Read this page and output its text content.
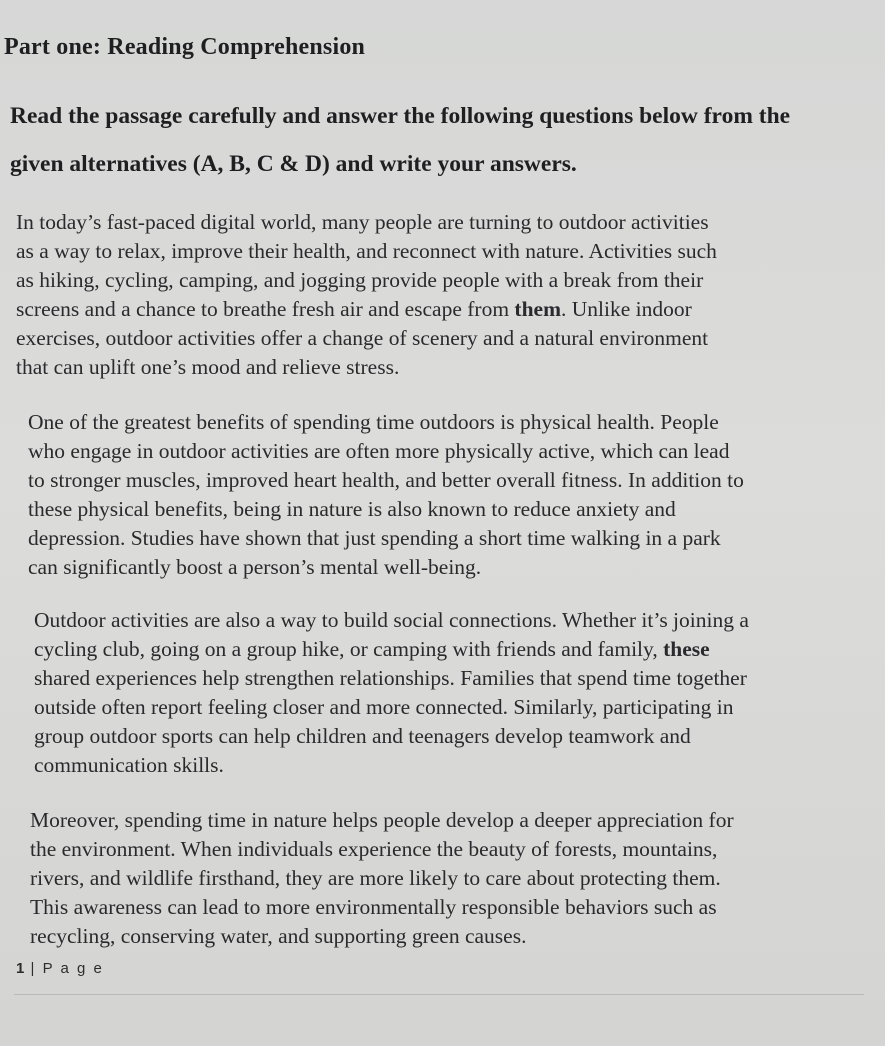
Part one: Reading Comprehension
Read the passage carefully and answer the following questions below from the
given alternatives (A, B, C & D) and write your answers.
In today’s fast-paced digital world, many people are turning to outdoor activities
as a way to relax, improve their health, and reconnect with nature. Activities such
as hiking, cycling, camping, and jogging provide people with a break from their
screens and a chance to breathe fresh air and escape from them. Unlike indoor
exercises, outdoor activities offer a change of scenery and a natural environment
that can uplift one’s mood and relieve stress.
One of the greatest benefits of spending time outdoors is physical health. People
who engage in outdoor activities are often more physically active, which can lead
to stronger muscles, improved heart health, and better overall fitness. In addition to
these physical benefits, being in nature is also known to reduce anxiety and
depression. Studies have shown that just spending a short time walking in a park
can significantly boost a person’s mental well-being.
Outdoor activities are also a way to build social connections. Whether it’s joining a
cycling club, going on a group hike, or camping with friends and family, these
shared experiences help strengthen relationships. Families that spend time together
outside often report feeling closer and more connected. Similarly, participating in
group outdoor sports can help children and teenagers develop teamwork and
communication skills.
Moreover, spending time in nature helps people develop a deeper appreciation for
the environment. When individuals experience the beauty of forests, mountains,
rivers, and wildlife firsthand, they are more likely to care about protecting them.
This awareness can lead to more environmentally responsible behaviors such as
recycling, conserving water, and supporting green causes.
1 | P a g e
